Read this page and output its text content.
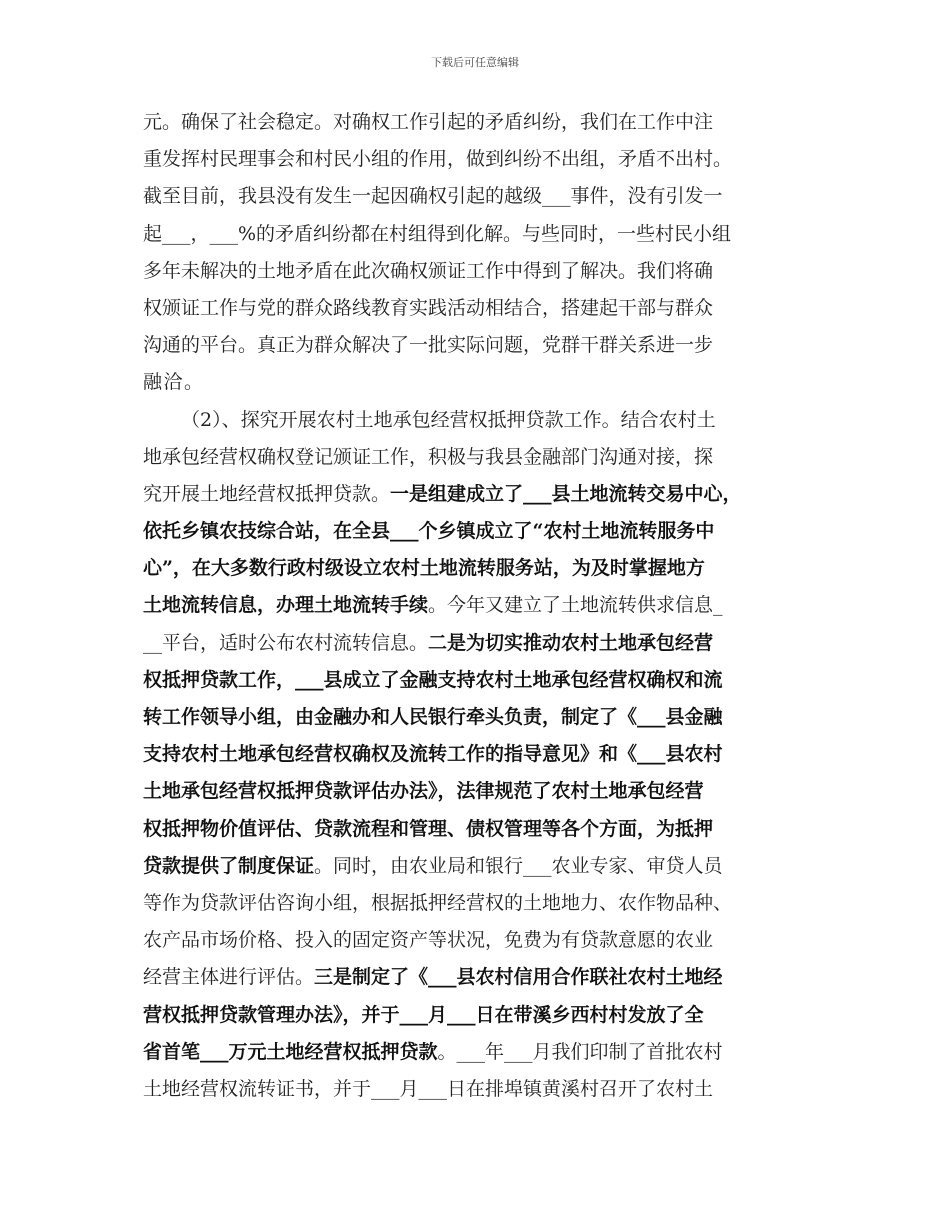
下载后可任意编辑
元。确保了社会稳定。对确权工作引起的矛盾纠纷，我们在工作中注
重发挥村民理事会和村民小组的作用，做到纠纷不出组，矛盾不出村。
截至目前，我县没有发生一起因确权引起的越级___事件，没有引发一
起___，___%的矛盾纠纷都在村组得到化解。与些同时，一些村民小组
多年未解决的土地矛盾在此次确权颁证工作中得到了解决。我们将确
权颁证工作与党的群众路线教育实践活动相结合，搭建起干部与群众
沟通的平台。真正为群众解决了一批实际问题，党群干群关系进一步
融洽。
（2）、探究开展农村土地承包经营权抵押贷款工作。结合农村土
地承包经营权确权登记颁证工作，积极与我县金融部门沟通对接，探
究开展土地经营权抵押贷款。一是组建成立了___县土地流转交易中心，
依托乡镇农技综合站，在全县___个乡镇成立了“农村土地流转服务中
心”，在大多数行政村级设立农村土地流转服务站，为及时掌握地方
土地流转信息，办理土地流转手续。今年又建立了土地流转供求信息_
__平台，适时公布农村流转信息。二是为切实推动农村土地承包经营
权抵押贷款工作，___县成立了金融支持农村土地承包经营权确权和流
转工作领导小组，由金融办和人民银行牵头负责，制定了《___县金融
支持农村土地承包经营权确权及流转工作的指导意见》和《___县农村
土地承包经营权抵押贷款评估办法》，法律规范了农村土地承包经营
权抵押物价值评估、贷款流程和管理、债权管理等各个方面，为抵押
贷款提供了制度保证。同时，由农业局和银行___农业专家、审贷人员
等作为贷款评估咨询小组，根据抵押经营权的土地地力、农作物品种、
农产品市场价格、投入的固定资产等状况，免费为有贷款意愿的农业
经营主体进行评估。三是制定了《___县农村信用合作联社农村土地经
营权抵押贷款管理办法》，并于___月___日在带溪乡西村村发放了全
省首笔___万元土地经营权抵押贷款。___年___月我们印制了首批农村
土地经营权流转证书，并于___月___日在排埠镇黄溪村召开了农村土
